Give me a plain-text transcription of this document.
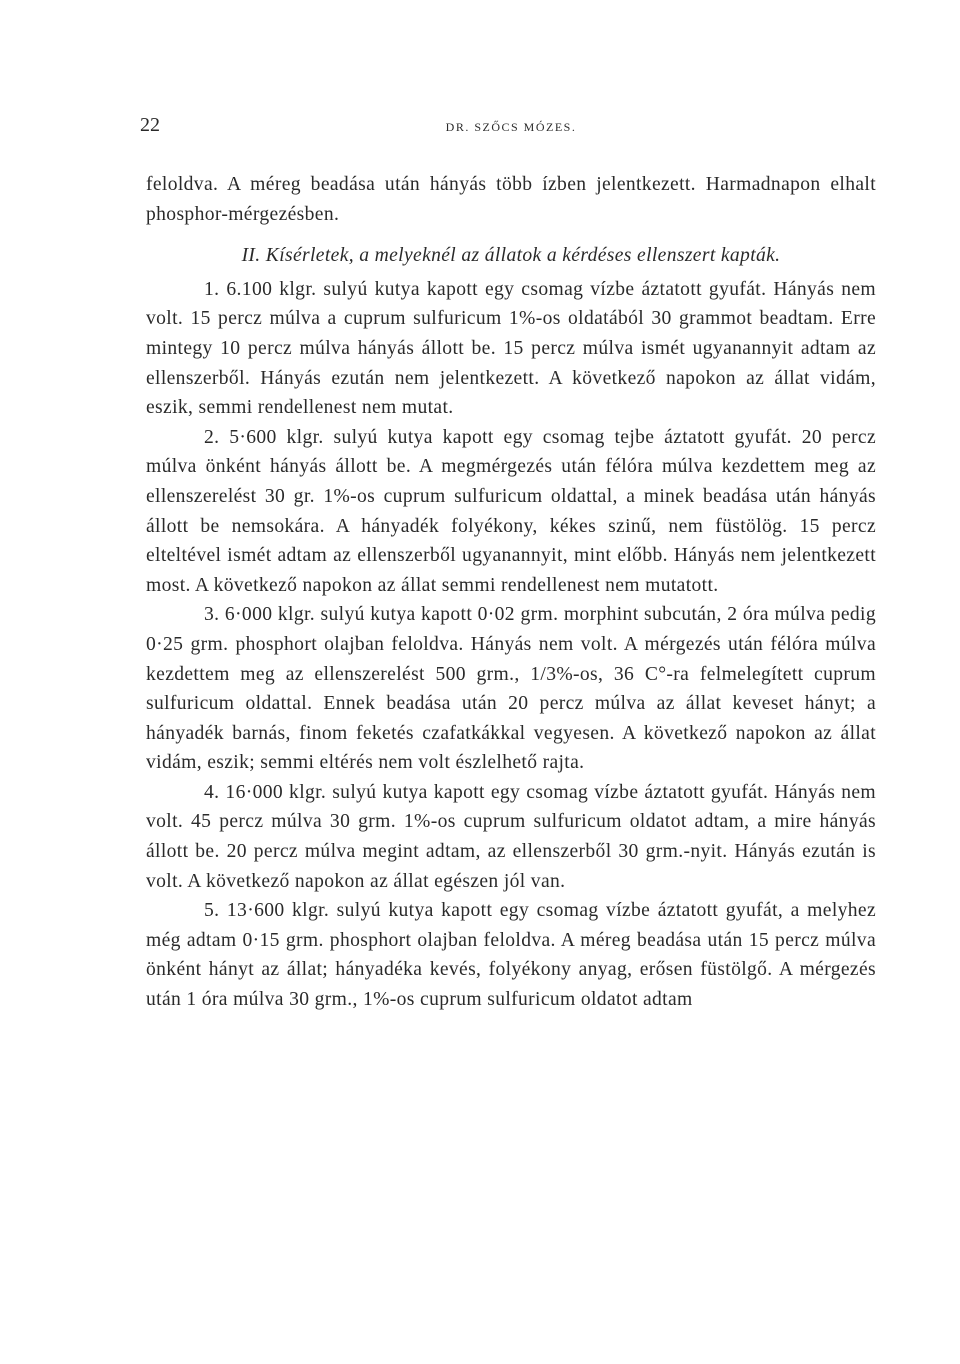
22	DR. SZŐCS MÓZES.

feloldva. A méreg beadása után hányás több ízben jelentkezett. Harmadnapon elhalt phosphor-mérgezésben.

II. Kísérletek, a melyeknél az állatok a kérdéses ellenszert kapták.

1. 6.100 klgr. sulyú kutya kapott egy csomag vízbe áztatott gyufát. Hányás nem volt. 15 percz múlva a cuprum sulfuricum 1%-os oldatából 30 grammot beadtam. Erre mintegy 10 percz múlva hányás állott be. 15 percz múlva ismét ugyanannyit adtam az ellenszerből. Hányás ezután nem jelentkezett. A következő napokon az állat vidám, eszik, semmi rendellenest nem mutat.

2. 5·600 klgr. sulyú kutya kapott egy csomag tejbe áztatott gyufát. 20 percz múlva önként hányás állott be. A megmérgezés után félóra múlva kezdettem meg az ellenszerelést 30 gr. 1%-os cuprum sulfuricum oldattal, a minek beadása után hányás állott be nemsokára. A hányadék folyékony, kékes szinű, nem füstölög. 15 percz elteltével ismét adtam az ellenszerből ugyanannyit, mint előbb. Hányás nem jelentkezett most. A következő napokon az állat semmi rendellenest nem mutatott.

3. 6·000 klgr. sulyú kutya kapott 0·02 grm. morphint subcután, 2 óra múlva pedig 0·25 grm. phosphort olajban feloldva. Hányás nem volt. A mérgezés után félóra múlva kezdettem meg az ellenszerelést 500 grm., 1/3%-os, 36 C°-ra felmelegített cuprum sulfuricum oldattal. Ennek beadása után 20 percz múlva az állat keveset hányt; a hányadék barnás, finom feketés czafatkákkal vegyesen. A következő napokon az állat vidám, eszik; semmi eltérés nem volt észlelhető rajta.

4. 16·000 klgr. sulyú kutya kapott egy csomag vízbe áztatott gyufát. Hányás nem volt. 45 percz múlva 30 grm. 1%-os cuprum sulfuricum oldatot adtam, a mire hányás állott be. 20 percz múlva megint adtam, az ellenszerből 30 grm.-nyit. Hányás ezután is volt. A következő napokon az állat egészen jól van.

5. 13·600 klgr. sulyú kutya kapott egy csomag vízbe áztatott gyufát, a melyhez még adtam 0·15 grm. phosphort olajban feloldva. A méreg beadása után 15 percz múlva önként hányt az állat; hányadéka kevés, folyékony anyag, erősen füstölgő. A mérgezés után 1 óra múlva 30 grm., 1%-os cuprum sulfuricum oldatot adtam
